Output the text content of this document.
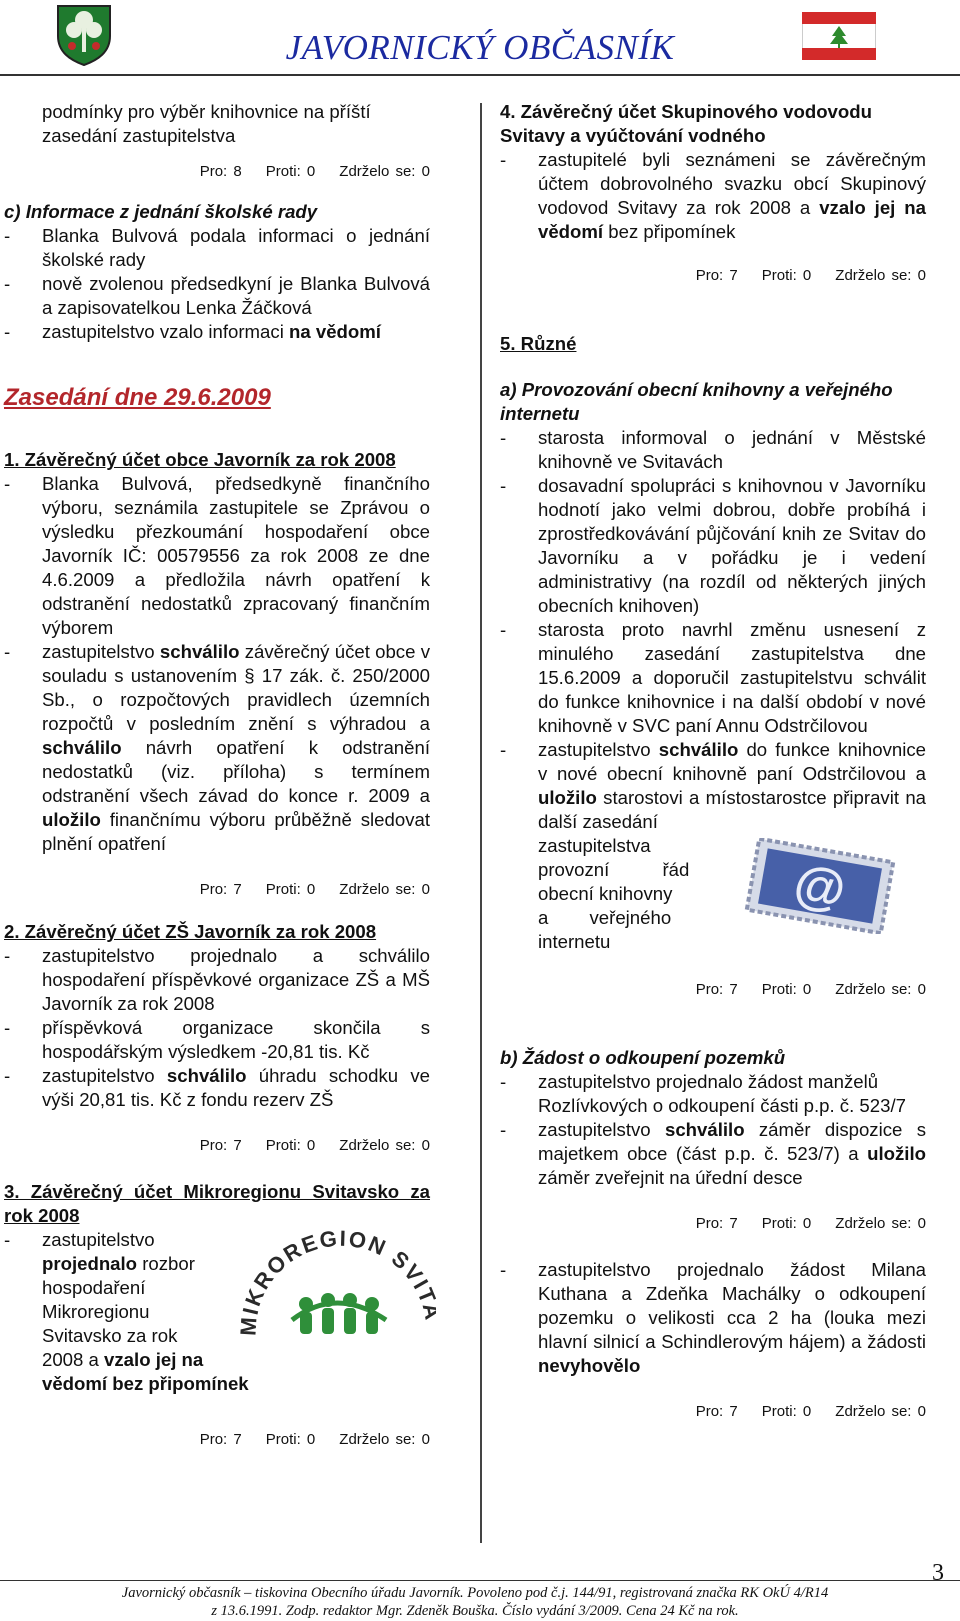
JAVORNICKÝ OBČASNÍK

podmínky pro výběr knihovnice na příští zasedání zastupitelstva

Pro: 8 Proti: 0 Zdrželo se: 0

c) Informace z jednání školské rady

- Blanka Bulvová podala informaci o jednání školské rady

- nově zvolenou předsedkyní je Blanka Bulvová a zapisovatelkou Lenka Žáčková

- zastupitelstvo vzalo informaci na vědomí

Zasedání dne 29.6.2009

1. Závěrečný účet obce Javorník za rok 2008

- Blanka Bulvová, předsedkyně finančního výboru, seznámila zastupitele se Zprávou o výsledku přezkoumání hospodaření obce Javorník IČ: 00579556 za rok 2008 ze dne 4.6.2009 a předložila návrh opatření k odstranění nedostatků zpracovaný finančním výborem

- zastupitelstvo schválilo závěrečný účet obce v souladu s ustanovením § 17 zák. č. 250/2000 Sb., o rozpočtových pravidlech územních rozpočtů v posledním znění s výhradou a schválilo návrh opatření k odstranění nedostatků (viz. příloha) s termínem odstranění všech závad do konce r. 2009 a uložilo finančnímu výboru průběžně sledovat plnění opatření

Pro: 7 Proti: 0 Zdrželo se: 0

2. Závěrečný účet ZŠ Javorník za rok 2008

- zastupitelstvo projednalo a schválilo hospodaření příspěvkové organizace ZŠ a MŠ Javorník za rok 2008

- příspěvková organizace skončila s hospodářským výsledkem -20,81 tis. Kč

- zastupitelstvo schválilo úhradu schodku ve výši 20,81 tis. Kč z fondu rezerv ZŠ

Pro: 7 Proti: 0 Zdrželo se: 0

3. Závěrečný účet Mikroregionu Svitavsko za rok 2008

- zastupitelstvo

projednalo rozbor

hospodaření

Mikroregionu

Svitavsko za rok

2008 a vzalo jej na

vědomí bez připomínek

MIKROREGION SVI

Pro: 7 Proti: 0 Zdrželo se: 0

4. Závěrečný účet Skupinového vodovodu Svitavy a vyúčtování vodného

- zastupitelé byli seznámeni se závěrečným účtem dobrovolného svazku obcí Skupinový vodovod Svitavy za rok 2008 a vzalo jej na vědomí bez připomínek

Pro: 7 Proti: 0 Zdrželo se: 0

5. Různé

a) Provozování obecní knihovny a veřejného internetu

- starosta informoval o jednání v Městské knihovně ve Svitavách

- dosavadní spolupráci s knihovnou v Javorníku hodnotí jako velmi dobrou, dobře probíhá i zprostředkovávání půjčování knih ze Svitav do Javorníku a v pořádku je i vedení administrativy (na rozdíl od některých jiných obecních knihoven)

- starosta proto navrhl změnu usnesení z minulého zasedání zastupitelstva dne 15.6.2009 a doporučil zastupitelstvu schválit do funkce knihovnice i na další období v nové knihovně v SVC paní Annu Odstrčilovou

- zastupitelstvo schválilo do funkce knihovnice v nové obecní knihovně paní Odstrčilovou a uložilo starostovi a místostarostce připravit na další zasedání

zastupitelstva

provozní řád

obecní knihovny

a veřejného

internetu

@

Pro: 7 Proti: 0 Zdrželo se: 0

b) Žádost o odkoupení pozemků

- zastupitelstvo projednalo žádost manželů Rozlívkových o odkoupení části p.p. č. 523/7

- zastupitelstvo schválilo záměr dispozice s majetkem obce (část p.p. č. 523/7) a uložilo záměr zveřejnit na úřední desce

Pro: 7 Proti: 0 Zdrželo se: 0

- zastupitelstvo projednalo žádost Milana Kuthana a Zdeňka Machálky o odkoupení pozemku o velikosti cca 2 ha (louka mezi hlavní silnicí a Schindlerovým hájem) a žádosti nevyhovělo

Pro: 7 Proti: 0 Zdrželo se: 0

Javornický občasník – tiskovina Obecního úřadu Javorník. Povoleno pod č.j. 144/91, registrovaná značka RK OkÚ 4/R14
z 13.6.1991. Zodp. redaktor Mgr. Zdeněk Bouška. Číslo vydání 3/2009. Cena 24 Kč na rok.
3
